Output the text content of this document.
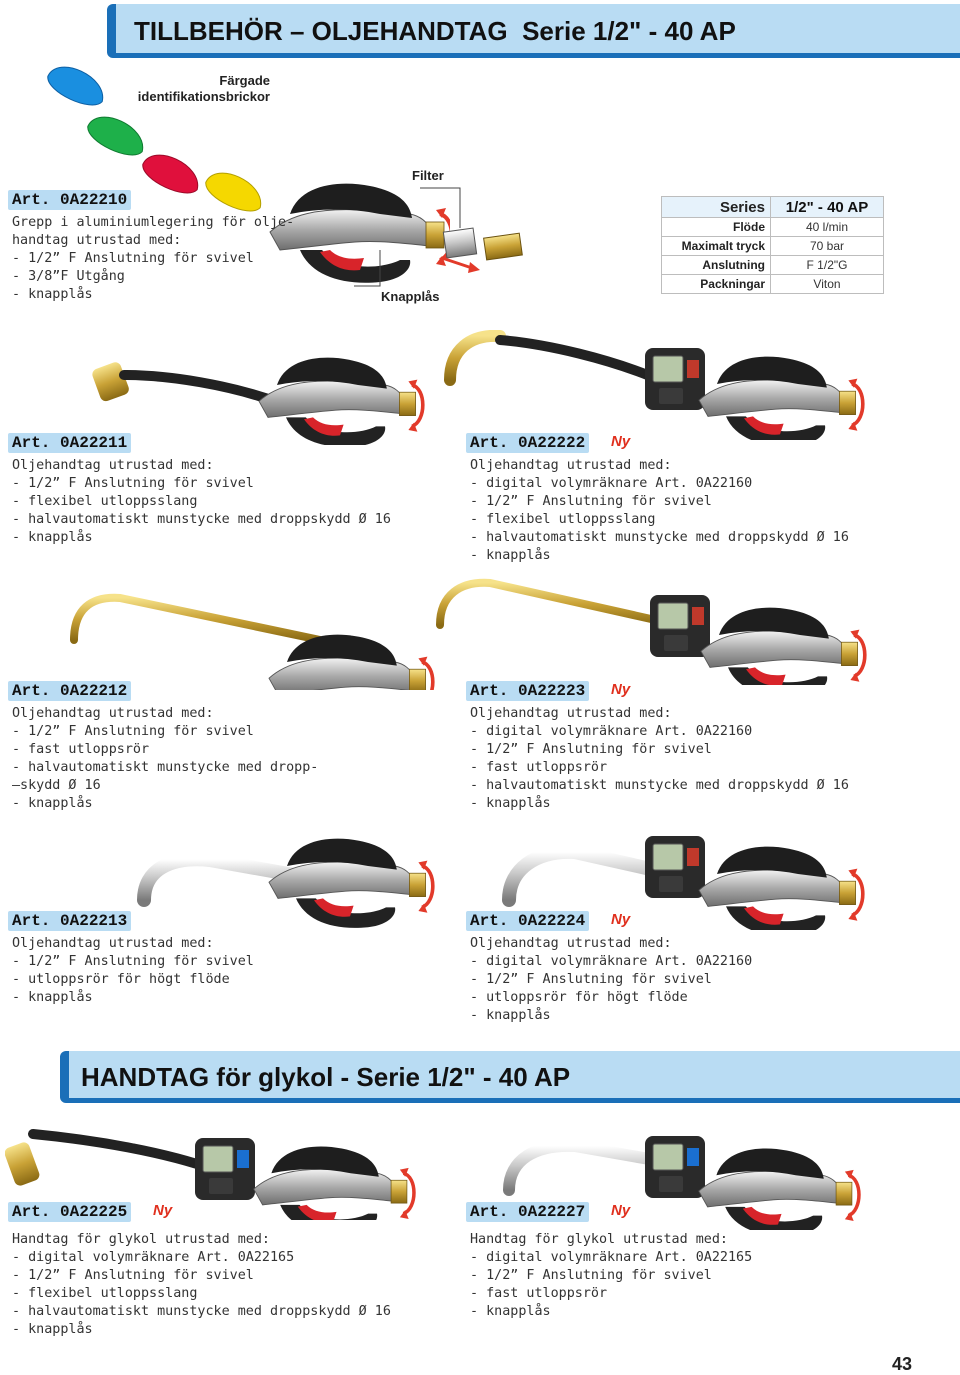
TILLBEHÖR – OLJEHANDTAG  Serie 1/2" - 40 AP
Färgade identifikationsbrickor
Filter
Knapplås
Series	1/2" - 40 AP
Flöde	40 l/min
Maximalt tryck	70 bar
Anslutning	F 1/2"G
Packningar	Viton
Art. 0A22210
Grepp i aluminiumlegering för olje-
handtag utrustad med:
- 1/2” F Anslutning för svivel
- 3/8”F Utgång
- knapplås
Art. 0A22211
Oljehandtag utrustad med:
- 1/2” F Anslutning för svivel
- flexibel utloppsslang
- halvautomatiskt munstycke med droppskydd Ø 16
- knapplås
Art. 0A22222 Ny
Oljehandtag utrustad med:
- digital volymräknare Art. 0A22160
- 1/2” F Anslutning för svivel
- flexibel utloppsslang
- halvautomatiskt munstycke med droppskydd Ø 16
- knapplås
Art. 0A22212
Oljehandtag utrustad med:
- 1/2” F Anslutning för svivel
- fast utloppsrör
- halvautomatiskt munstycke med dropp-
–skydd Ø 16
- knapplås
Art. 0A22223 Ny
Oljehandtag utrustad med:
- digital volymräknare Art. 0A22160
- 1/2” F Anslutning för svivel
- fast utloppsrör
- halvautomatiskt munstycke med droppskydd Ø 16
- knapplås
Art. 0A22213
Oljehandtag utrustad med:
- 1/2” F Anslutning för svivel
- utloppsrör för högt flöde
- knapplås
Art. 0A22224 Ny
Oljehandtag utrustad med:
- digital volymräknare Art. 0A22160
- 1/2” F Anslutning för svivel
- utloppsrör för högt flöde
- knapplås
HANDTAG för glykol - Serie 1/2" - 40 AP
Art. 0A22225 Ny
Handtag för glykol utrustad med:
- digital volymräknare Art. 0A22165
- 1/2” F Anslutning för svivel
- flexibel utloppsslang
- halvautomatiskt munstycke med droppskydd Ø 16
- knapplås
Art. 0A22227 Ny
Handtag för glykol utrustad med:
- digital volymräknare Art. 0A22165
- 1/2” F Anslutning för svivel
- fast utloppsrör
- knapplås
43
